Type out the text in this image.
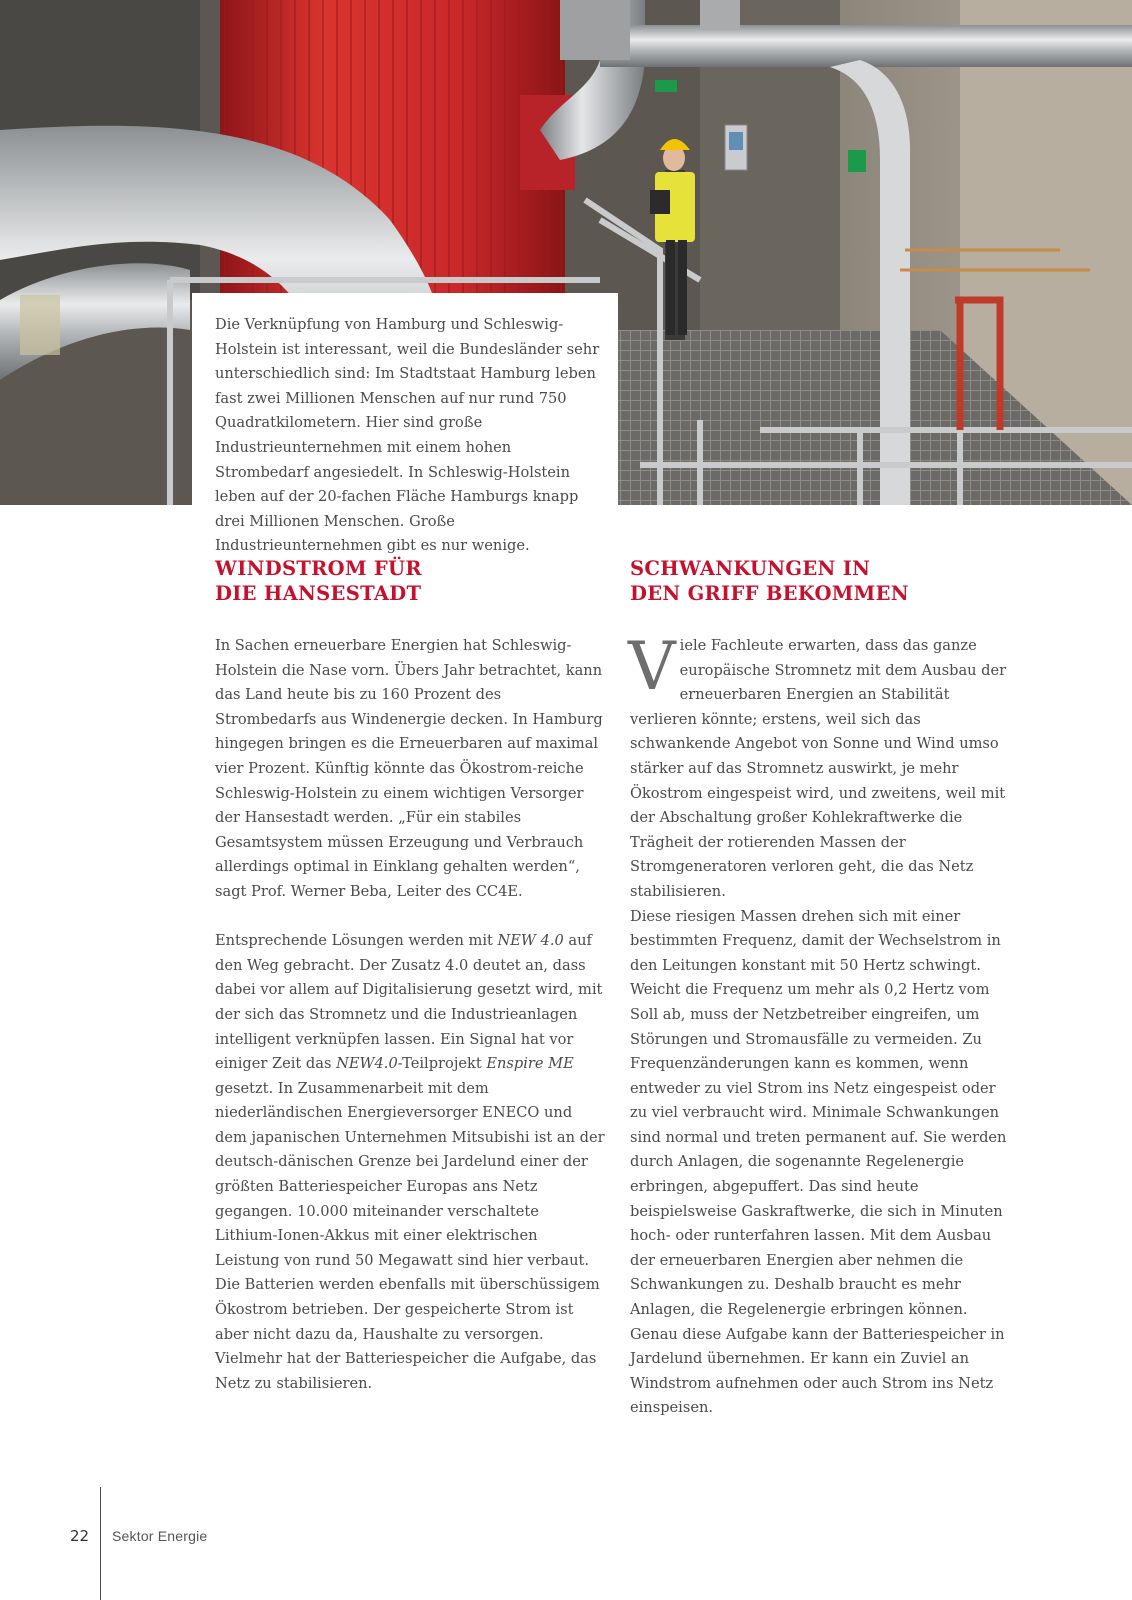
Die Verknüpfung von Hamburg und Schleswig-Holstein ist interessant, weil die Bundesländer sehr unterschiedlich sind: Im Stadtstaat Hamburg leben fast zwei Millionen Menschen auf nur rund 750 Quadratkilometern. Hier sind große Industrieunternehmen mit einem hohen Strombedarf angesiedelt. In Schleswig-Holstein leben auf der 20-fachen Fläche Hamburgs knapp drei Millionen Menschen. Große Industrieunternehmen gibt es nur wenige.
WINDSTROM FÜR
DIE HANSESTADT

In Sachen erneuerbare Energien hat Schleswig-Holstein die Nase vorn. Übers Jahr betrachtet, kann das Land heute bis zu 160 Prozent des Strombedarfs aus Windenergie decken. In Hamburg hingegen bringen es die Erneuerbaren auf maximal vier Prozent. Künftig könnte das Ökostrom-reiche Schleswig-Holstein zu einem wichtigen Versorger der Hansestadt werden. „Für ein stabiles Gesamtsystem müssen Erzeugung und Verbrauch allerdings optimal in Einklang gehalten werden“, sagt Prof. Werner Beba, Leiter des CC4E.

Entsprechende Lösungen werden mit NEW 4.0 auf den Weg gebracht. Der Zusatz 4.0 deutet an, dass dabei vor allem auf Digitalisierung gesetzt wird, mit der sich das Stromnetz und die Industrieanlagen intelligent verknüpfen lassen. Ein Signal hat vor einiger Zeit das NEW4.0-Teilprojekt Enspire ME gesetzt. In Zusammenarbeit mit dem niederländischen Energieversorger ENECO und dem japanischen Unternehmen Mitsubishi ist an der deutsch-dänischen Grenze bei Jardelund einer der größten Batteriespeicher Europas ans Netz gegangen. 10.000 miteinander verschaltete Lithium-Ionen-Akkus mit einer elektrischen Leistung von rund 50 Megawatt sind hier verbaut. Die Batterien werden ebenfalls mit überschüssigem Ökostrom betrieben. Der gespeicherte Strom ist aber nicht dazu da, Haushalte zu versorgen. Vielmehr hat der Batteriespeicher die Aufgabe, das Netz zu stabilisieren.

SCHWANKUNGEN IN
DEN GRIFF BEKOMMEN

Viele Fachleute erwarten, dass das ganze europäische Stromnetz mit dem Ausbau der erneuerbaren Energien an Stabilität verlieren könnte; erstens, weil sich das schwankende Angebot von Sonne und Wind umso stärker auf das Stromnetz auswirkt, je mehr Ökostrom eingespeist wird, und zweitens, weil mit der Abschaltung großer Kohlekraftwerke die Trägheit der rotierenden Massen der Stromgeneratoren verloren geht, die das Netz stabilisieren.

Diese riesigen Massen drehen sich mit einer bestimmten Frequenz, damit der Wechselstrom in den Leitungen konstant mit 50 Hertz schwingt. Weicht die Frequenz um mehr als 0,2 Hertz vom Soll ab, muss der Netzbetreiber eingreifen, um Störungen und Stromausfälle zu vermeiden. Zu Frequenzänderungen kann es kommen, wenn entweder zu viel Strom ins Netz eingespeist oder zu viel verbraucht wird. Minimale Schwankungen sind normal und treten permanent auf. Sie werden durch Anlagen, die sogenannte Regelenergie erbringen, abgepuffert. Das sind heute beispielsweise Gaskraftwerke, die sich in Minuten hoch- oder runterfahren lassen. Mit dem Ausbau der erneuerbaren Energien aber nehmen die Schwankungen zu. Deshalb braucht es mehr Anlagen, die Regelenergie erbringen können. Genau diese Aufgabe kann der Batteriespeicher in Jardelund übernehmen. Er kann ein Zuviel an Windstrom aufnehmen oder auch Strom ins Netz einspeisen.

22 Sektor Energie
